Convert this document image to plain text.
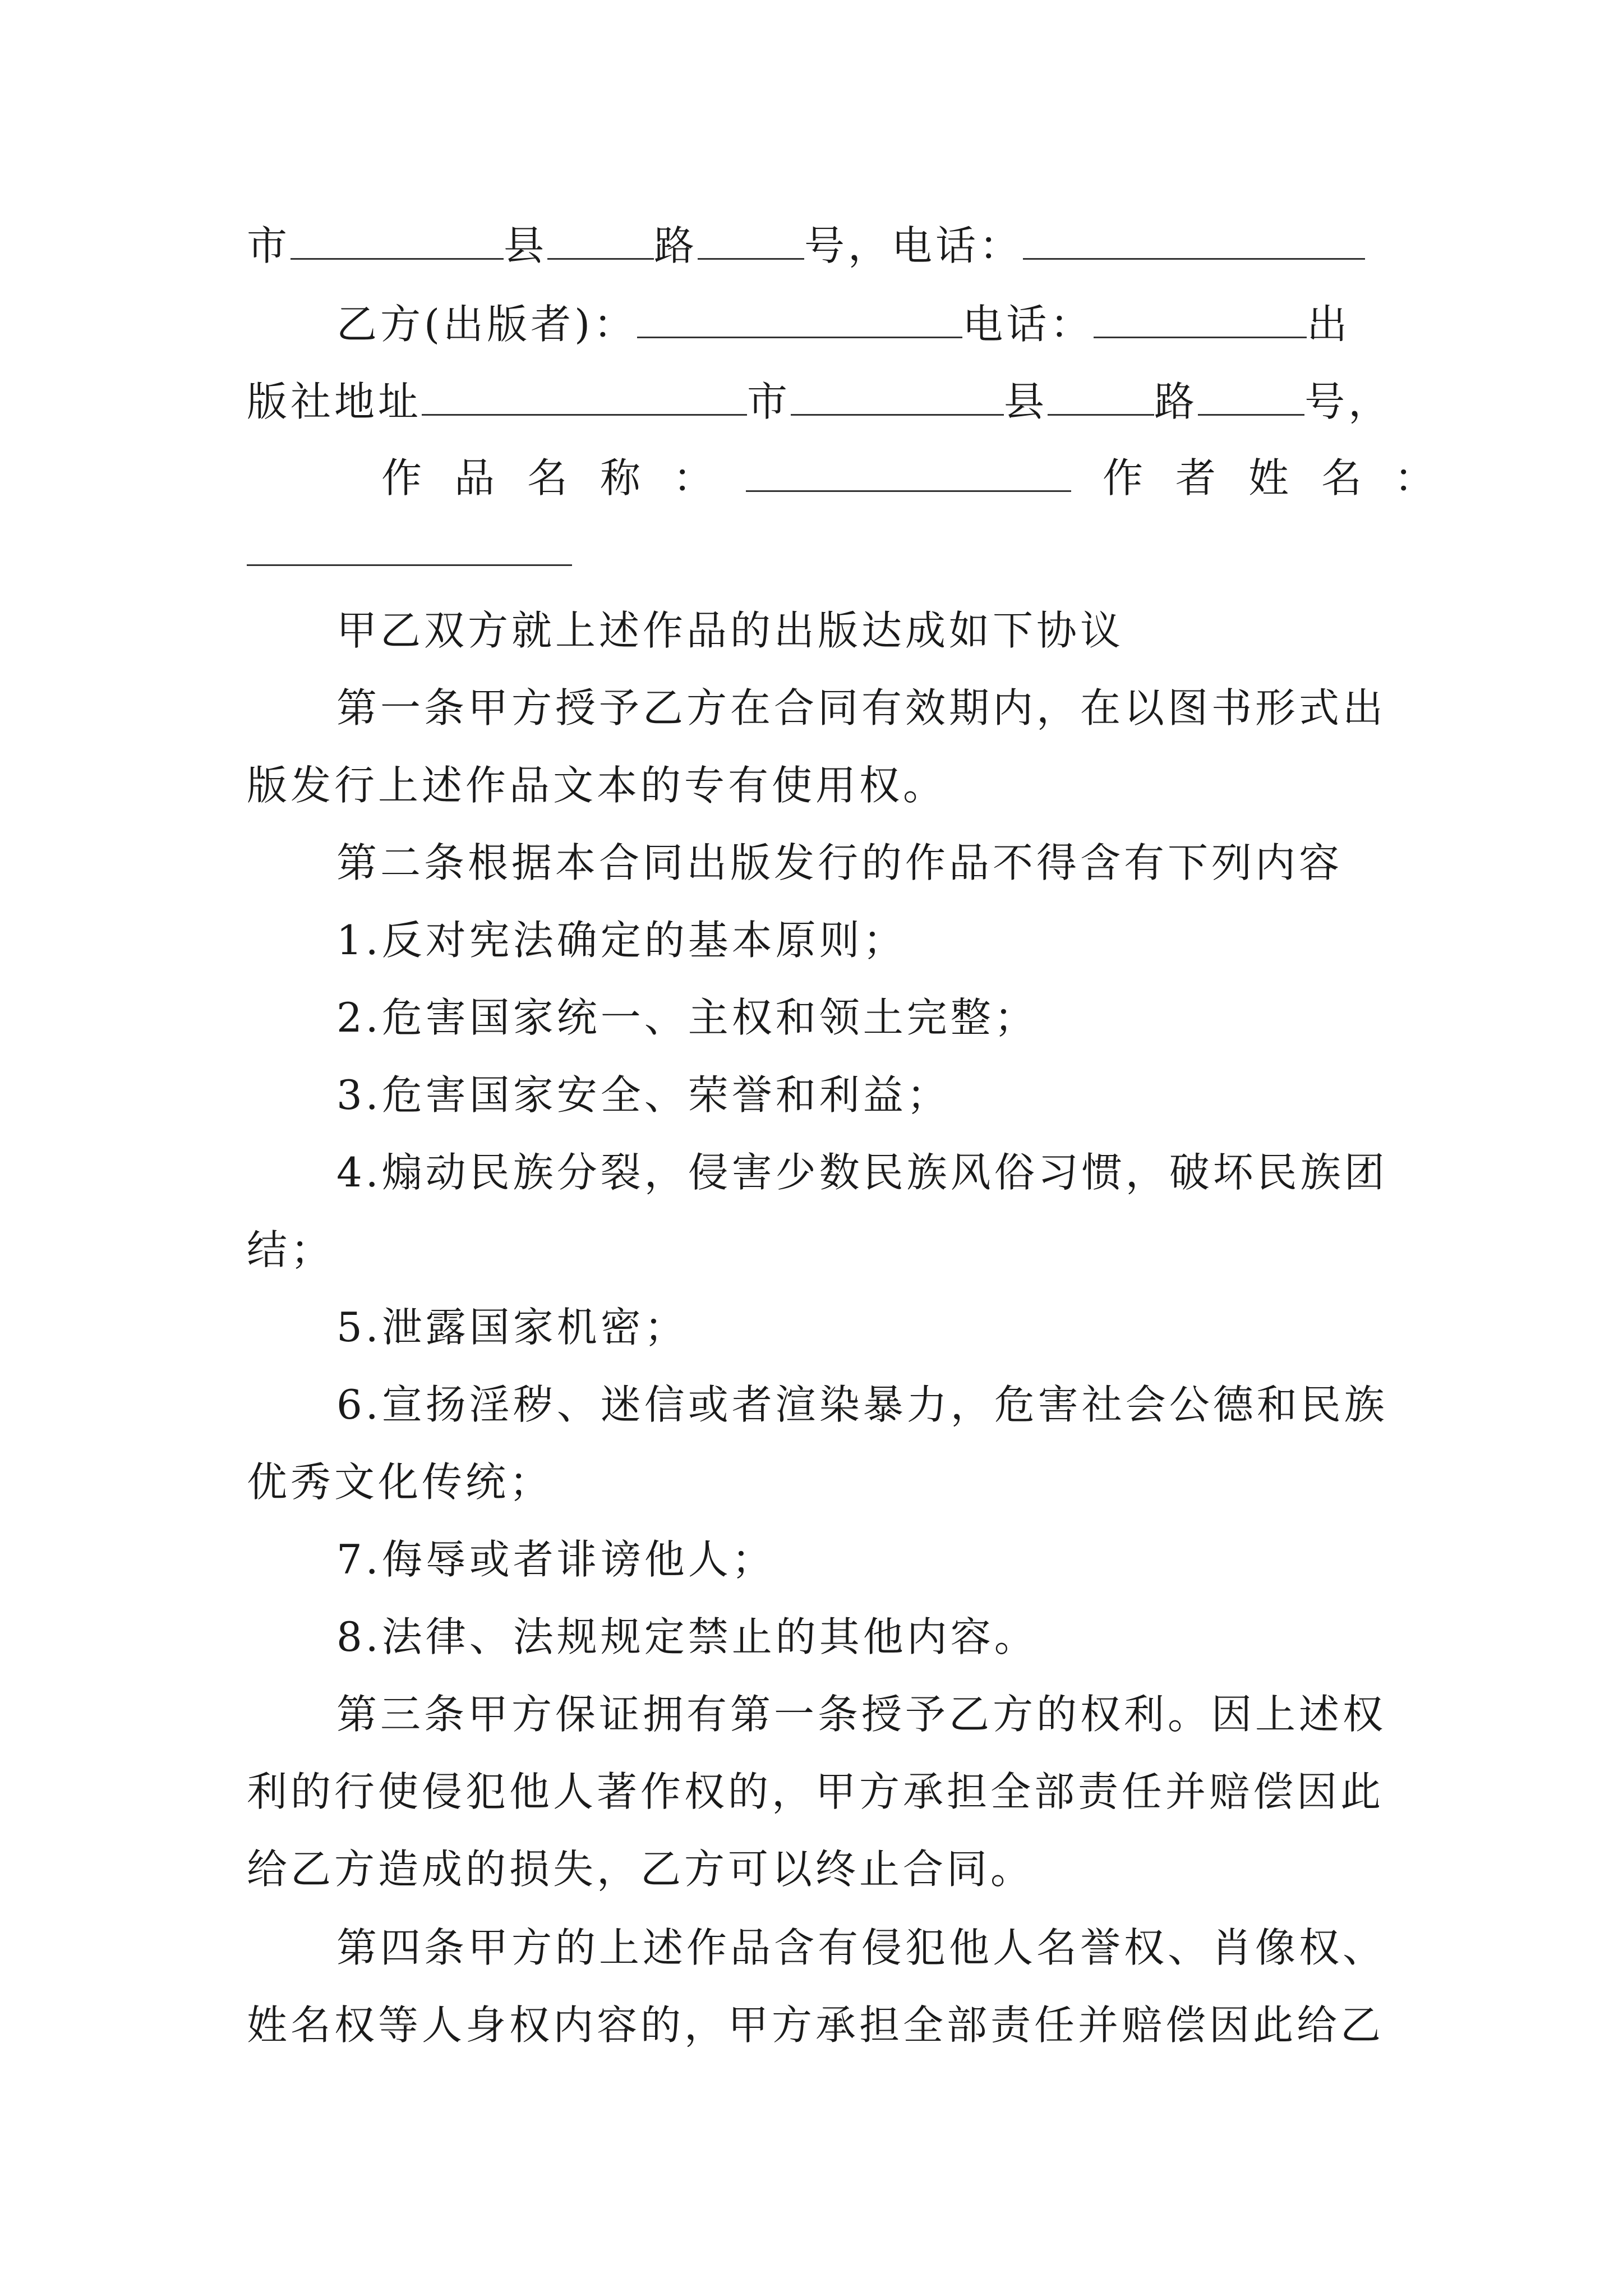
市	县	路	号，电话：
乙方(出版者)：	电话：	出
版社地址	市	县	路	号，
作品名称：	作者姓名：
甲乙双方就上述作品的出版达成如下协议
第一条甲方授予乙方在合同有效期内，在以图书形式出
版发行上述作品文本的专有使用权。
第二条根据本合同出版发行的作品不得含有下列内容
1.反对宪法确定的基本原则；
2.危害国家统一、主权和领土完整；
3.危害国家安全、荣誉和利益；
4.煽动民族分裂，侵害少数民族风俗习惯，破坏民族团
结；
5.泄露国家机密；
6.宣扬淫秽、迷信或者渲染暴力，危害社会公德和民族
优秀文化传统；
7.侮辱或者诽谤他人；
8.法律、法规规定禁止的其他内容。
第三条甲方保证拥有第一条授予乙方的权利。因上述权
利的行使侵犯他人著作权的，甲方承担全部责任并赔偿因此
给乙方造成的损失，乙方可以终止合同。
第四条甲方的上述作品含有侵犯他人名誉权、肖像权、
姓名权等人身权内容的，甲方承担全部责任并赔偿因此给乙
